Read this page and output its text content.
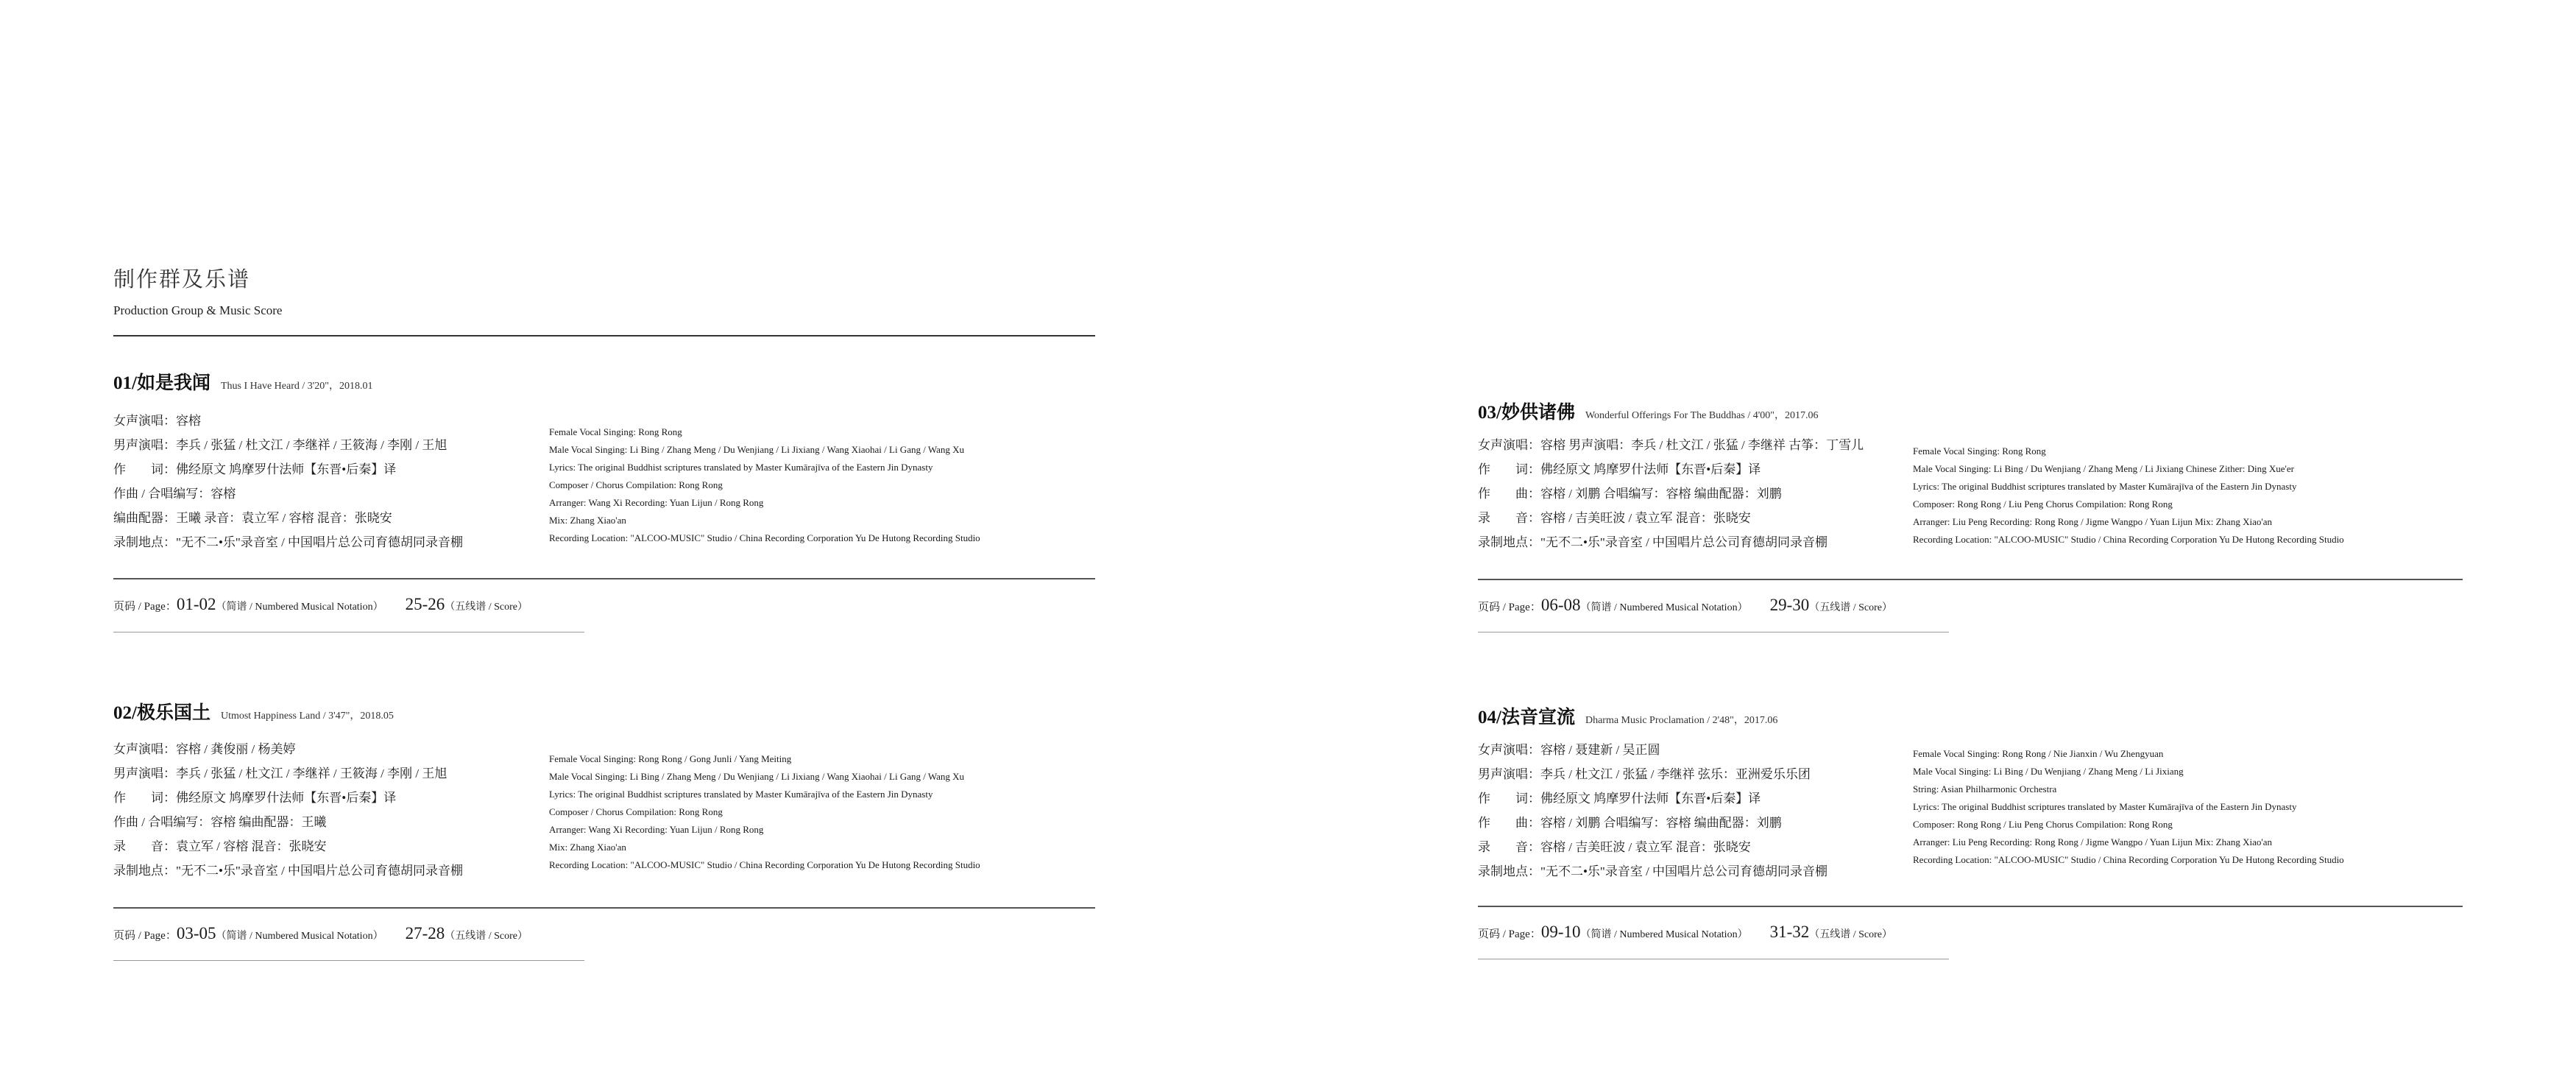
制作群及乐谱
Production Group & Music Score
01/如是我闻 Thus I Have Heard / 3'20"，2018.01
女声演唱：容榕
男声演唱：李兵 / 张猛 / 杜文江 / 李继祥 / 王筱海 / 李刚 / 王旭
作　　词：佛经原文 鸠摩罗什法师【东晋•后秦】译
作曲 / 合唱编写：容榕
编曲配器：王曦 录音：袁立军 / 容榕 混音：张晓安
录制地点："无不二•乐"录音室 / 中国唱片总公司育德胡同录音棚
Female Vocal Singing: Rong Rong
Male Vocal Singing: Li Bing / Zhang Meng / Du Wenjiang / Li Jixiang / Wang Xiaohai / Li Gang / Wang Xu
Lyrics: The original Buddhist scriptures translated by Master Kumārajīva of the Eastern Jin Dynasty
Composer / Chorus Compilation: Rong Rong
Arranger: Wang Xi Recording: Yuan Lijun / Rong Rong
Mix: Zhang Xiao'an
Recording Location: "ALCOO-MUSIC" Studio / China Recording Corporation Yu De Hutong Recording Studio
页码 / Page：01-02（简谱 / Numbered Musical Notation） 25-26（五线谱 / Score）
02/极乐国土 Utmost Happiness Land / 3'47"，2018.05
女声演唱：容榕 / 龚俊丽 / 杨美婷
男声演唱：李兵 / 张猛 / 杜文江 / 李继祥 / 王筱海 / 李刚 / 王旭
作　　词：佛经原文 鸠摩罗什法师【东晋•后秦】译
作曲 / 合唱编写：容榕 编曲配器：王曦
录　　音：袁立军 / 容榕 混音：张晓安
录制地点："无不二•乐"录音室 / 中国唱片总公司育德胡同录音棚
Female Vocal Singing: Rong Rong / Gong Junli / Yang Meiting
Male Vocal Singing: Li Bing / Zhang Meng / Du Wenjiang / Li Jixiang / Wang Xiaohai / Li Gang / Wang Xu
Lyrics: The original Buddhist scriptures translated by Master Kumārajīva of the Eastern Jin Dynasty
Composer / Chorus Compilation: Rong Rong
Arranger: Wang Xi Recording: Yuan Lijun / Rong Rong
Mix: Zhang Xiao'an
Recording Location: "ALCOO-MUSIC" Studio / China Recording Corporation Yu De Hutong Recording Studio
页码 / Page：03-05（简谱 / Numbered Musical Notation） 27-28（五线谱 / Score）
03/妙供诸佛 Wonderful Offerings For The Buddhas / 4'00"，2017.06
女声演唱：容榕 男声演唱：李兵 / 杜文江 / 张猛 / 李继祥 古筝：丁雪儿
作　　词：佛经原文 鸠摩罗什法师【东晋•后秦】译
作　　曲：容榕 / 刘鹏 合唱编写：容榕 编曲配器：刘鹏
录　　音：容榕 / 吉美旺波 / 袁立军 混音：张晓安
录制地点："无不二•乐"录音室 / 中国唱片总公司育德胡同录音棚
Female Vocal Singing: Rong Rong
Male Vocal Singing: Li Bing / Du Wenjiang / Zhang Meng / Li Jixiang Chinese Zither: Ding Xue'er
Lyrics: The original Buddhist scriptures translated by Master Kumārajīva of the Eastern Jin Dynasty
Composer: Rong Rong / Liu Peng Chorus Compilation: Rong Rong
Arranger: Liu Peng Recording: Rong Rong / Jigme Wangpo / Yuan Lijun Mix: Zhang Xiao'an
Recording Location: "ALCOO-MUSIC" Studio / China Recording Corporation Yu De Hutong Recording Studio
页码 / Page：06-08（简谱 / Numbered Musical Notation） 29-30（五线谱 / Score）
04/法音宣流 Dharma Music Proclamation / 2'48"，2017.06
女声演唱：容榕 / 聂建新 / 吴正圆
男声演唱：李兵 / 杜文江 / 张猛 / 李继祥 弦乐：亚洲爱乐乐团
作　　词：佛经原文 鸠摩罗什法师【东晋•后秦】译
作　　曲：容榕 / 刘鹏 合唱编写：容榕 编曲配器：刘鹏
录　　音：容榕 / 吉美旺波 / 袁立军 混音：张晓安
录制地点："无不二•乐"录音室 / 中国唱片总公司育德胡同录音棚
Female Vocal Singing: Rong Rong / Nie Jianxin / Wu Zhengyuan
Male Vocal Singing: Li Bing / Du Wenjiang / Zhang Meng / Li Jixiang
String: Asian Philharmonic Orchestra
Lyrics: The original Buddhist scriptures translated by Master Kumārajīva of the Eastern Jin Dynasty
Composer: Rong Rong / Liu Peng Chorus Compilation: Rong Rong
Arranger: Liu Peng Recording: Rong Rong / Jigme Wangpo / Yuan Lijun Mix: Zhang Xiao'an
Recording Location: "ALCOO-MUSIC" Studio / China Recording Corporation Yu De Hutong Recording Studio
页码 / Page：09-10（简谱 / Numbered Musical Notation） 31-32（五线谱 / Score）
